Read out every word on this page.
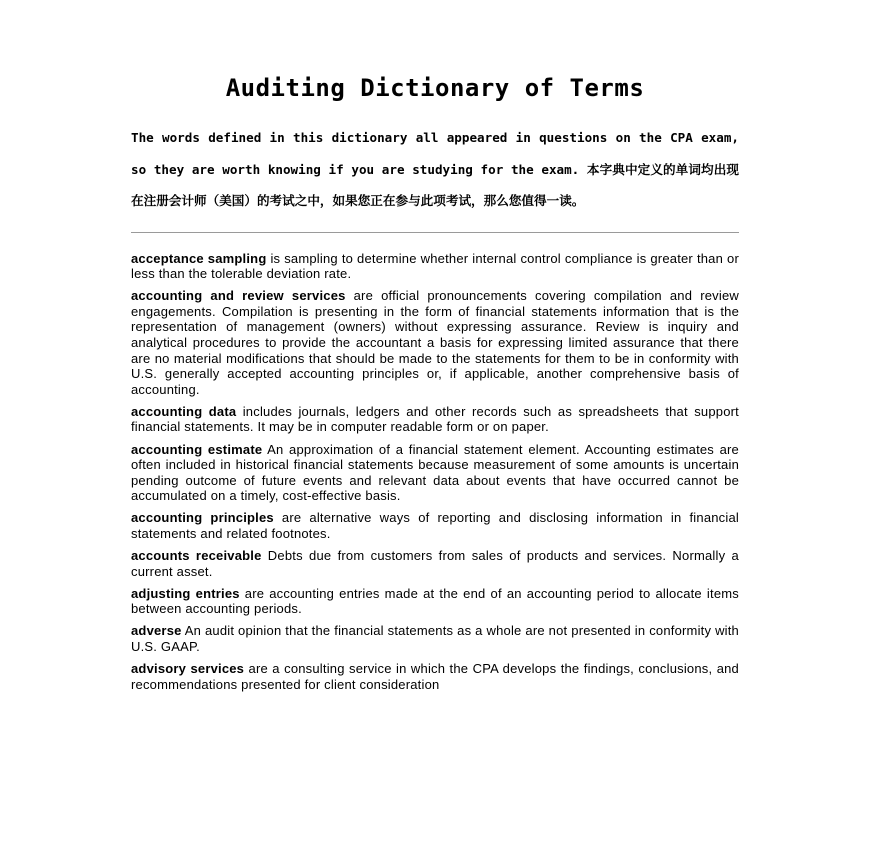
Auditing Dictionary of Terms

The words defined in this dictionary all appeared in questions on the CPA exam, so they are worth knowing if you are studying for the exam. 本字典中定义的单词均出现在注册会计师（美国）的考试之中，如果您正在参与此项考试，那么您值得一读。

acceptance sampling is sampling to determine whether internal control compliance is greater than or less than the tolerable deviation rate.

accounting and review services are official pronouncements covering compilation and review engagements. Compilation is presenting in the form of financial statements information that is the representation of management (owners) without expressing assurance. Review is inquiry and analytical procedures to provide the accountant a basis for expressing limited assurance that there are no material modifications that should be made to the statements for them to be in conformity with U.S. generally accepted accounting principles or, if applicable, another comprehensive basis of accounting.

accounting data includes journals, ledgers and other records such as spreadsheets that support financial statements. It may be in computer readable form or on paper.

accounting estimate An approximation of a financial statement element. Accounting estimates are often included in historical financial statements because measurement of some amounts is uncertain pending outcome of future events and relevant data about events that have occurred cannot be accumulated on a timely, cost-effective basis.

accounting principles are alternative ways of reporting and disclosing information in financial statements and related footnotes.

accounts receivable Debts due from customers from sales of products and services. Normally a current asset.

adjusting entries are accounting entries made at the end of an accounting period to allocate items between accounting periods.

adverse An audit opinion that the financial statements as a whole are not presented in conformity with U.S. GAAP.

advisory services are a consulting service in which the CPA develops the findings, conclusions, and recommendations presented for client consideration
